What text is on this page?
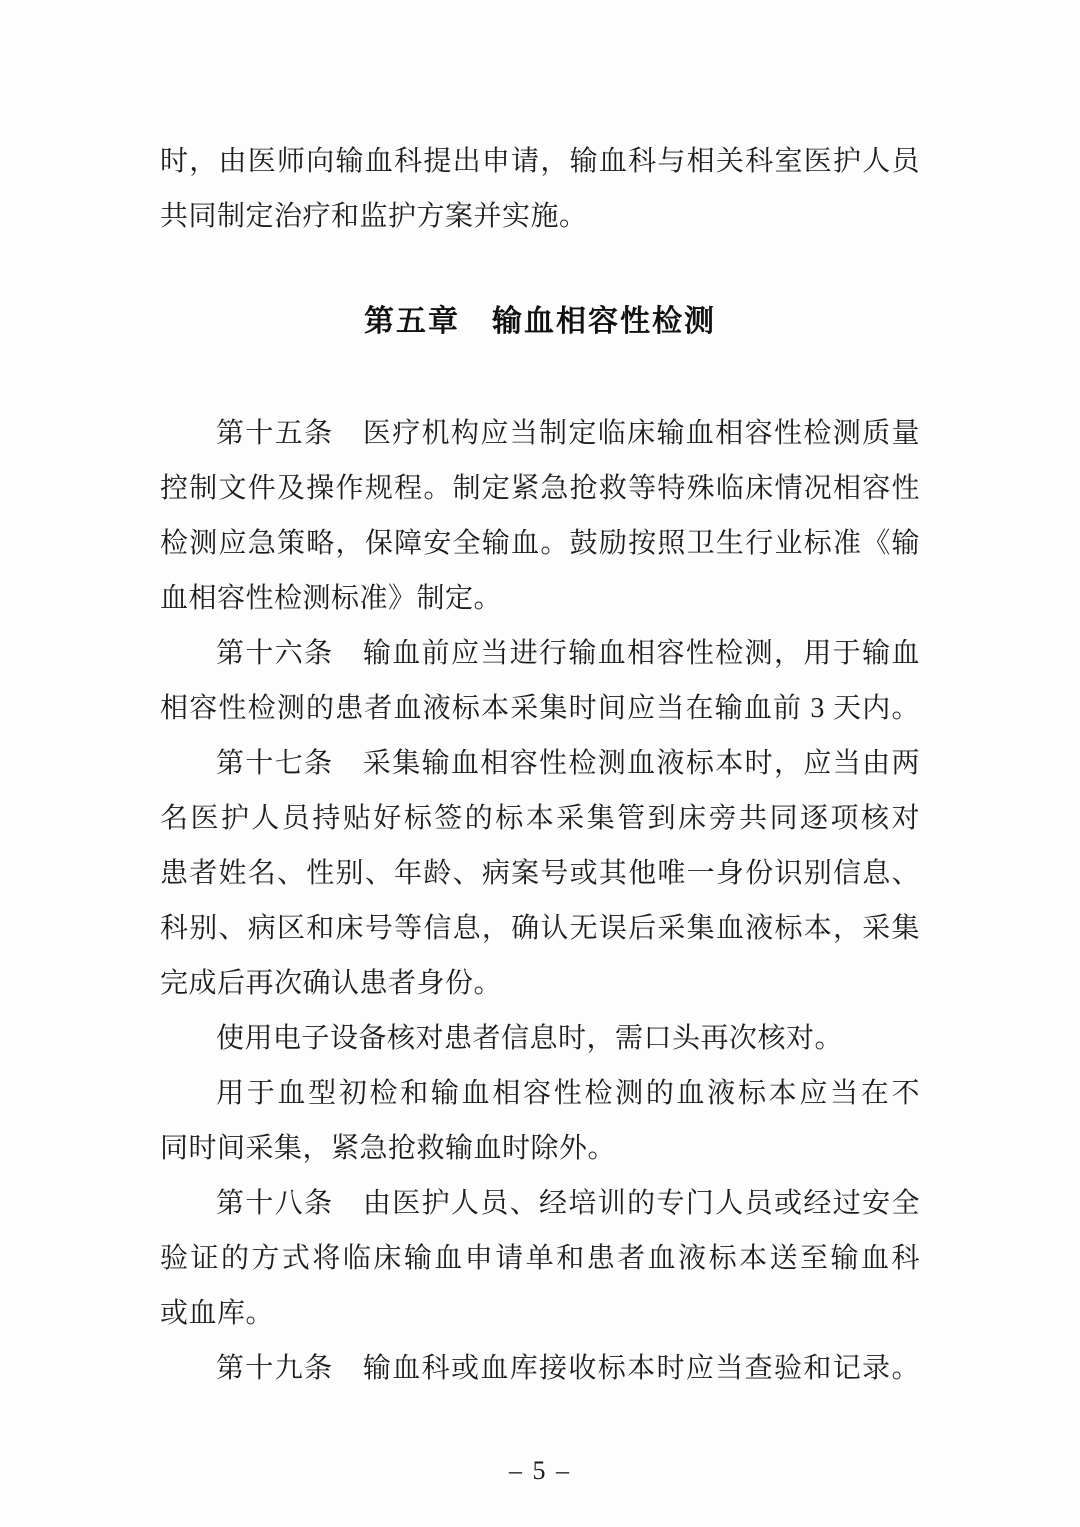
时，由医师向输血科提出申请，输血科与相关科室医护人员
共同制定治疗和监护方案并实施。
第五章　输血相容性检测
第十五条　医疗机构应当制定临床输血相容性检测质量
控制文件及操作规程。制定紧急抢救等特殊临床情况相容性
检测应急策略，保障安全输血。鼓励按照卫生行业标准《输
血相容性检测标准》制定。
第十六条　输血前应当进行输血相容性检测，用于输血
相容性检测的患者血液标本采集时间应当在输血前 3 天内。
第十七条　采集输血相容性检测血液标本时，应当由两
名医护人员持贴好标签的标本采集管到床旁共同逐项核对
患者姓名、性别、年龄、病案号或其他唯一身份识别信息、
科别、病区和床号等信息，确认无误后采集血液标本，采集
完成后再次确认患者身份。
使用电子设备核对患者信息时，需口头再次核对。
用于血型初检和输血相容性检测的血液标本应当在不
同时间采集，紧急抢救输血时除外。
第十八条　由医护人员、经培训的专门人员或经过安全
验证的方式将临床输血申请单和患者血液标本送至输血科
或血库。
第十九条　输血科或血库接收标本时应当查验和记录。
– 5 –
